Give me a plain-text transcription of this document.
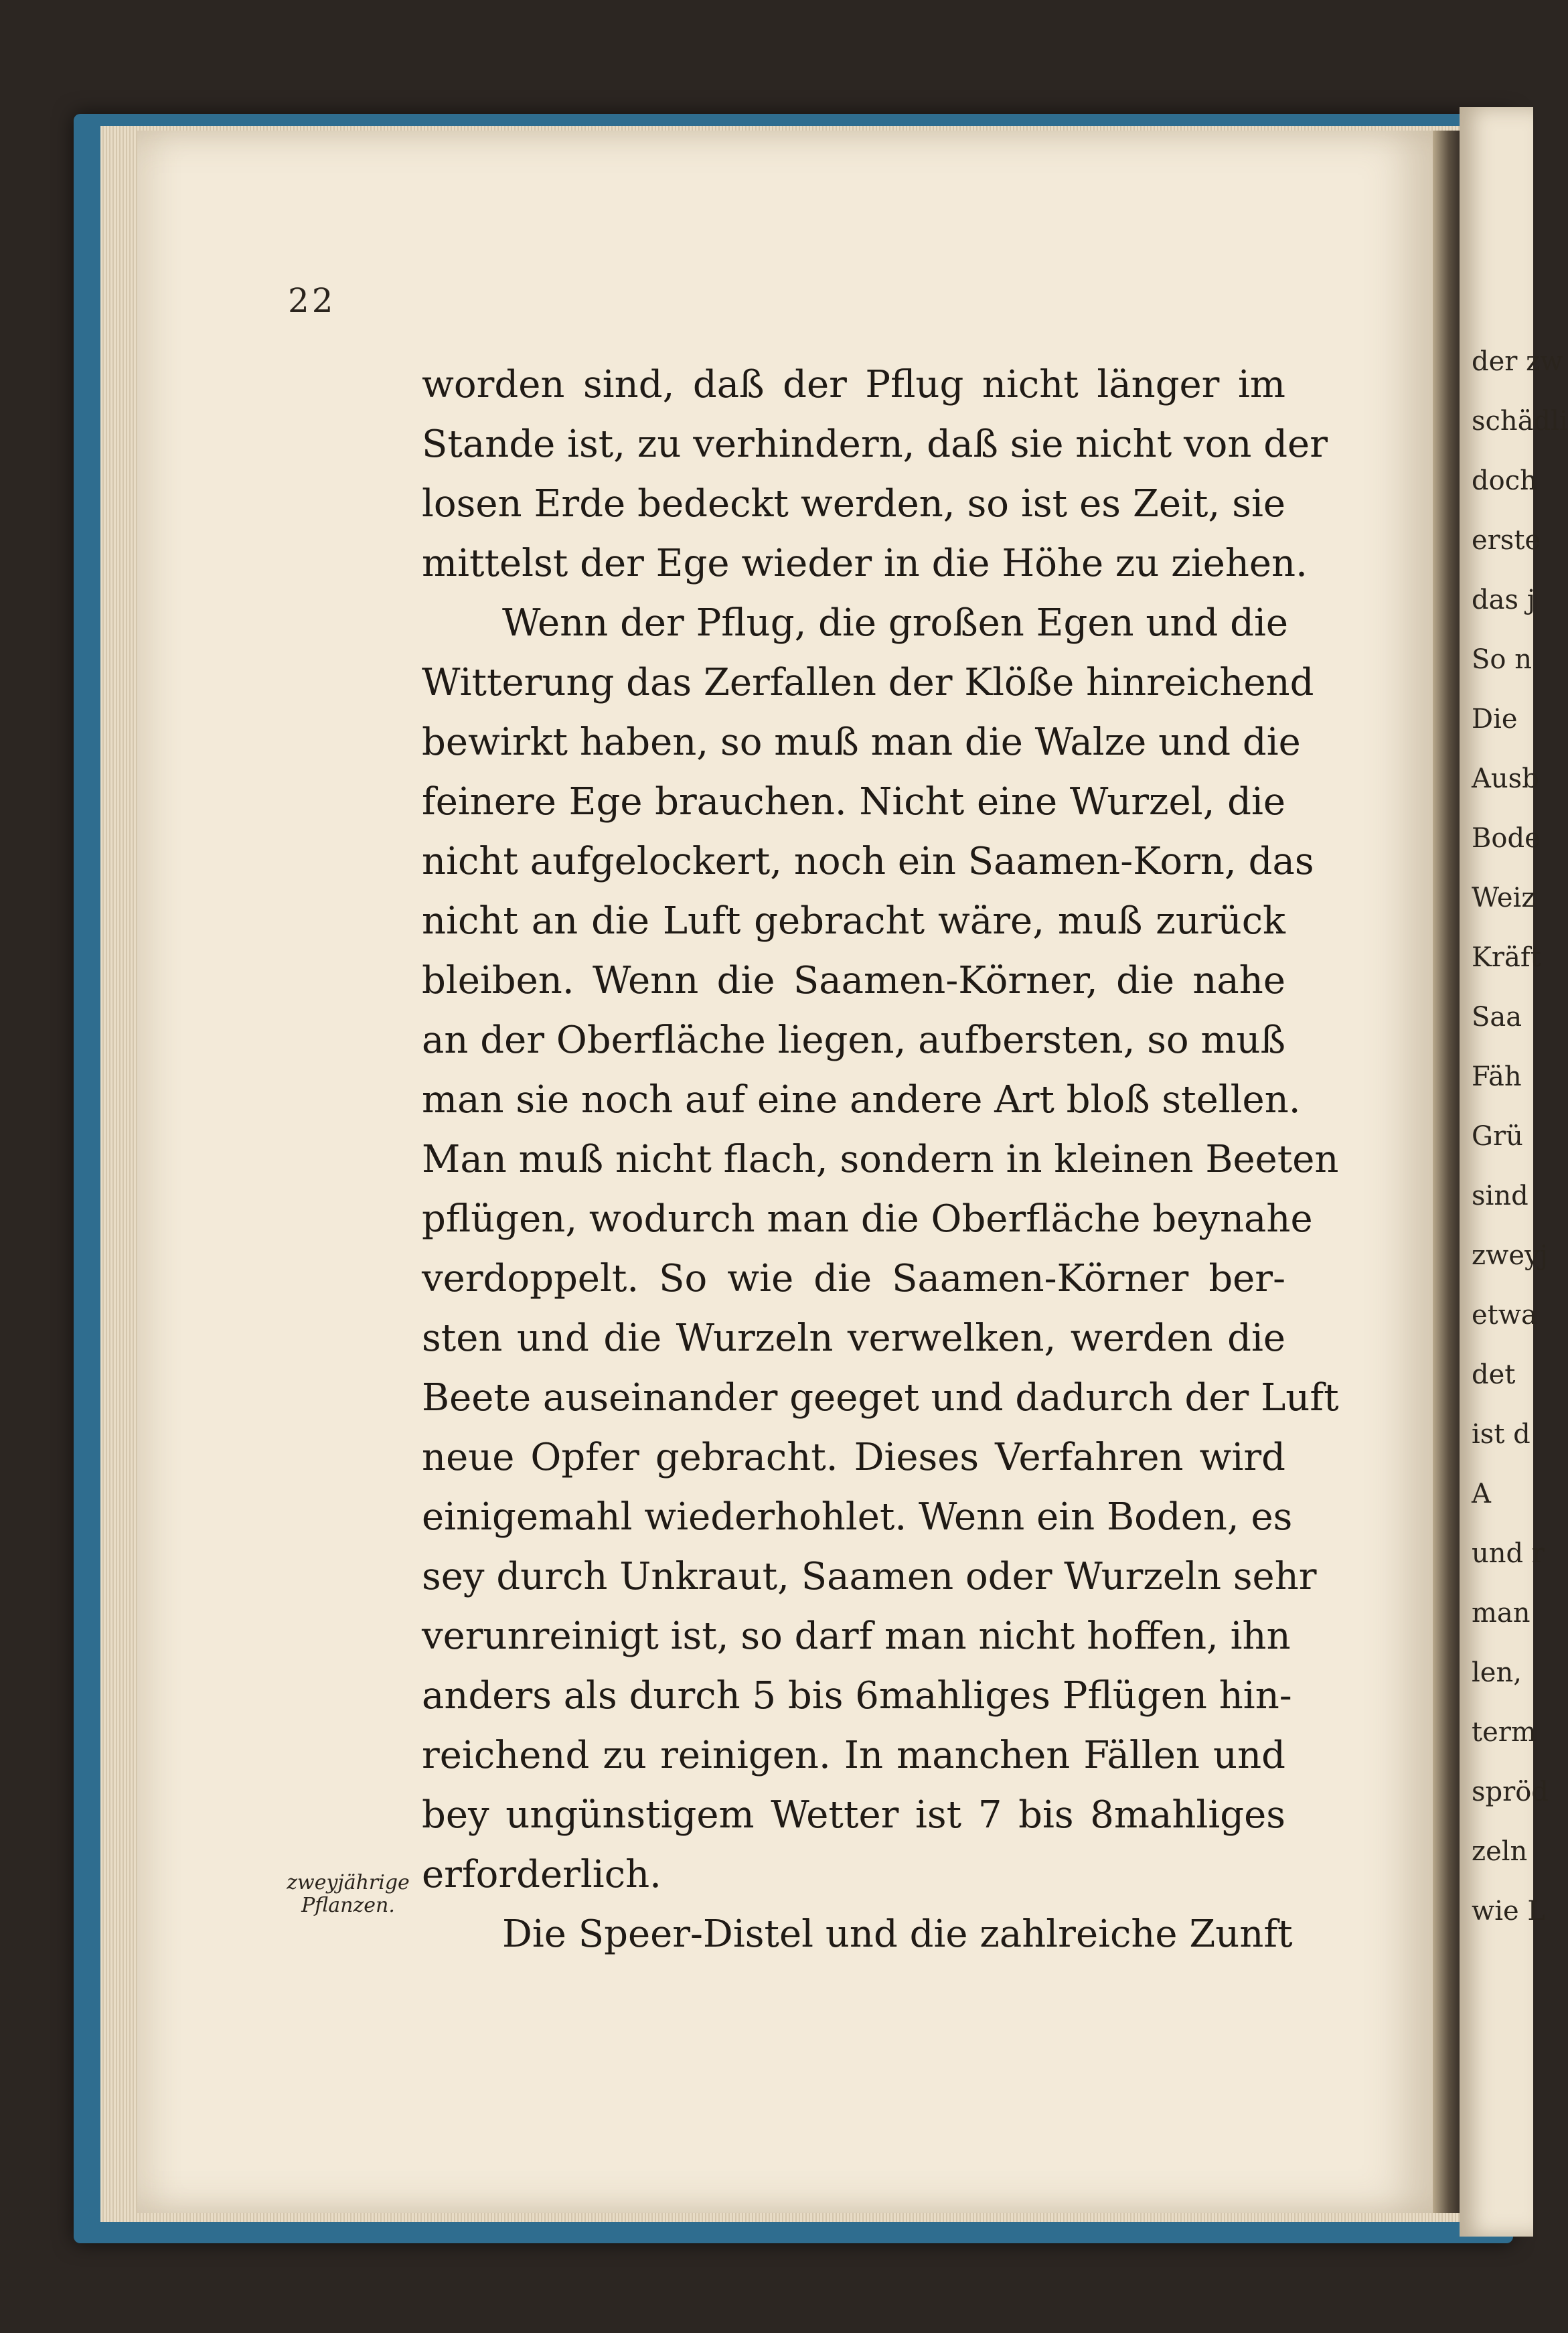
22
zweyjährige
Pflanzen.
worden sind, daß der Pflug nicht länger im
Stande ist, zu verhindern, daß sie nicht von der
losen Erde bedeckt werden, so ist es Zeit, sie
mittelst der Ege wieder in die Höhe zu ziehen.
Wenn der Pflug, die großen Egen und die
Witterung das Zerfallen der Klöße hinreichend
bewirkt haben, so muß man die Walze und die
feinere Ege brauchen. Nicht eine Wurzel, die
nicht aufgelockert, noch ein Saamen-Korn, das
nicht an die Luft gebracht wäre, muß zurück
bleiben. Wenn die Saamen-Körner, die nahe
an der Oberfläche liegen, aufbersten, so muß
man sie noch auf eine andere Art bloß stellen.
Man muß nicht flach, sondern in kleinen Beeten
pflügen, wodurch man die Oberfläche beynahe
verdoppelt. So wie die Saamen-Körner ber-
sten und die Wurzeln verwelken, werden die
Beete auseinander geeget und dadurch der Luft
neue Opfer gebracht. Dieses Verfahren wird
einigemahl wiederhohlet. Wenn ein Boden, es
sey durch Unkraut, Saamen oder Wurzeln sehr
verunreinigt ist, so darf man nicht hoffen, ihn
anders als durch 5 bis 6mahliges Pflügen hin-
reichend zu reinigen. In manchen Fällen und
bey ungünstigem Wetter ist 7 bis 8mahliges
erforderlich.
Die Speer-Distel und die zahlreiche Zunft
der zw
schädli
doch
erste
das j
So n
Die
Ausb
Bode
Weiz
Kräft
Saa
Fäh
Grü
sind
zweyj
etwa
det
ist d
A
und r
man
len,
term
spröd
zeln
wie L
